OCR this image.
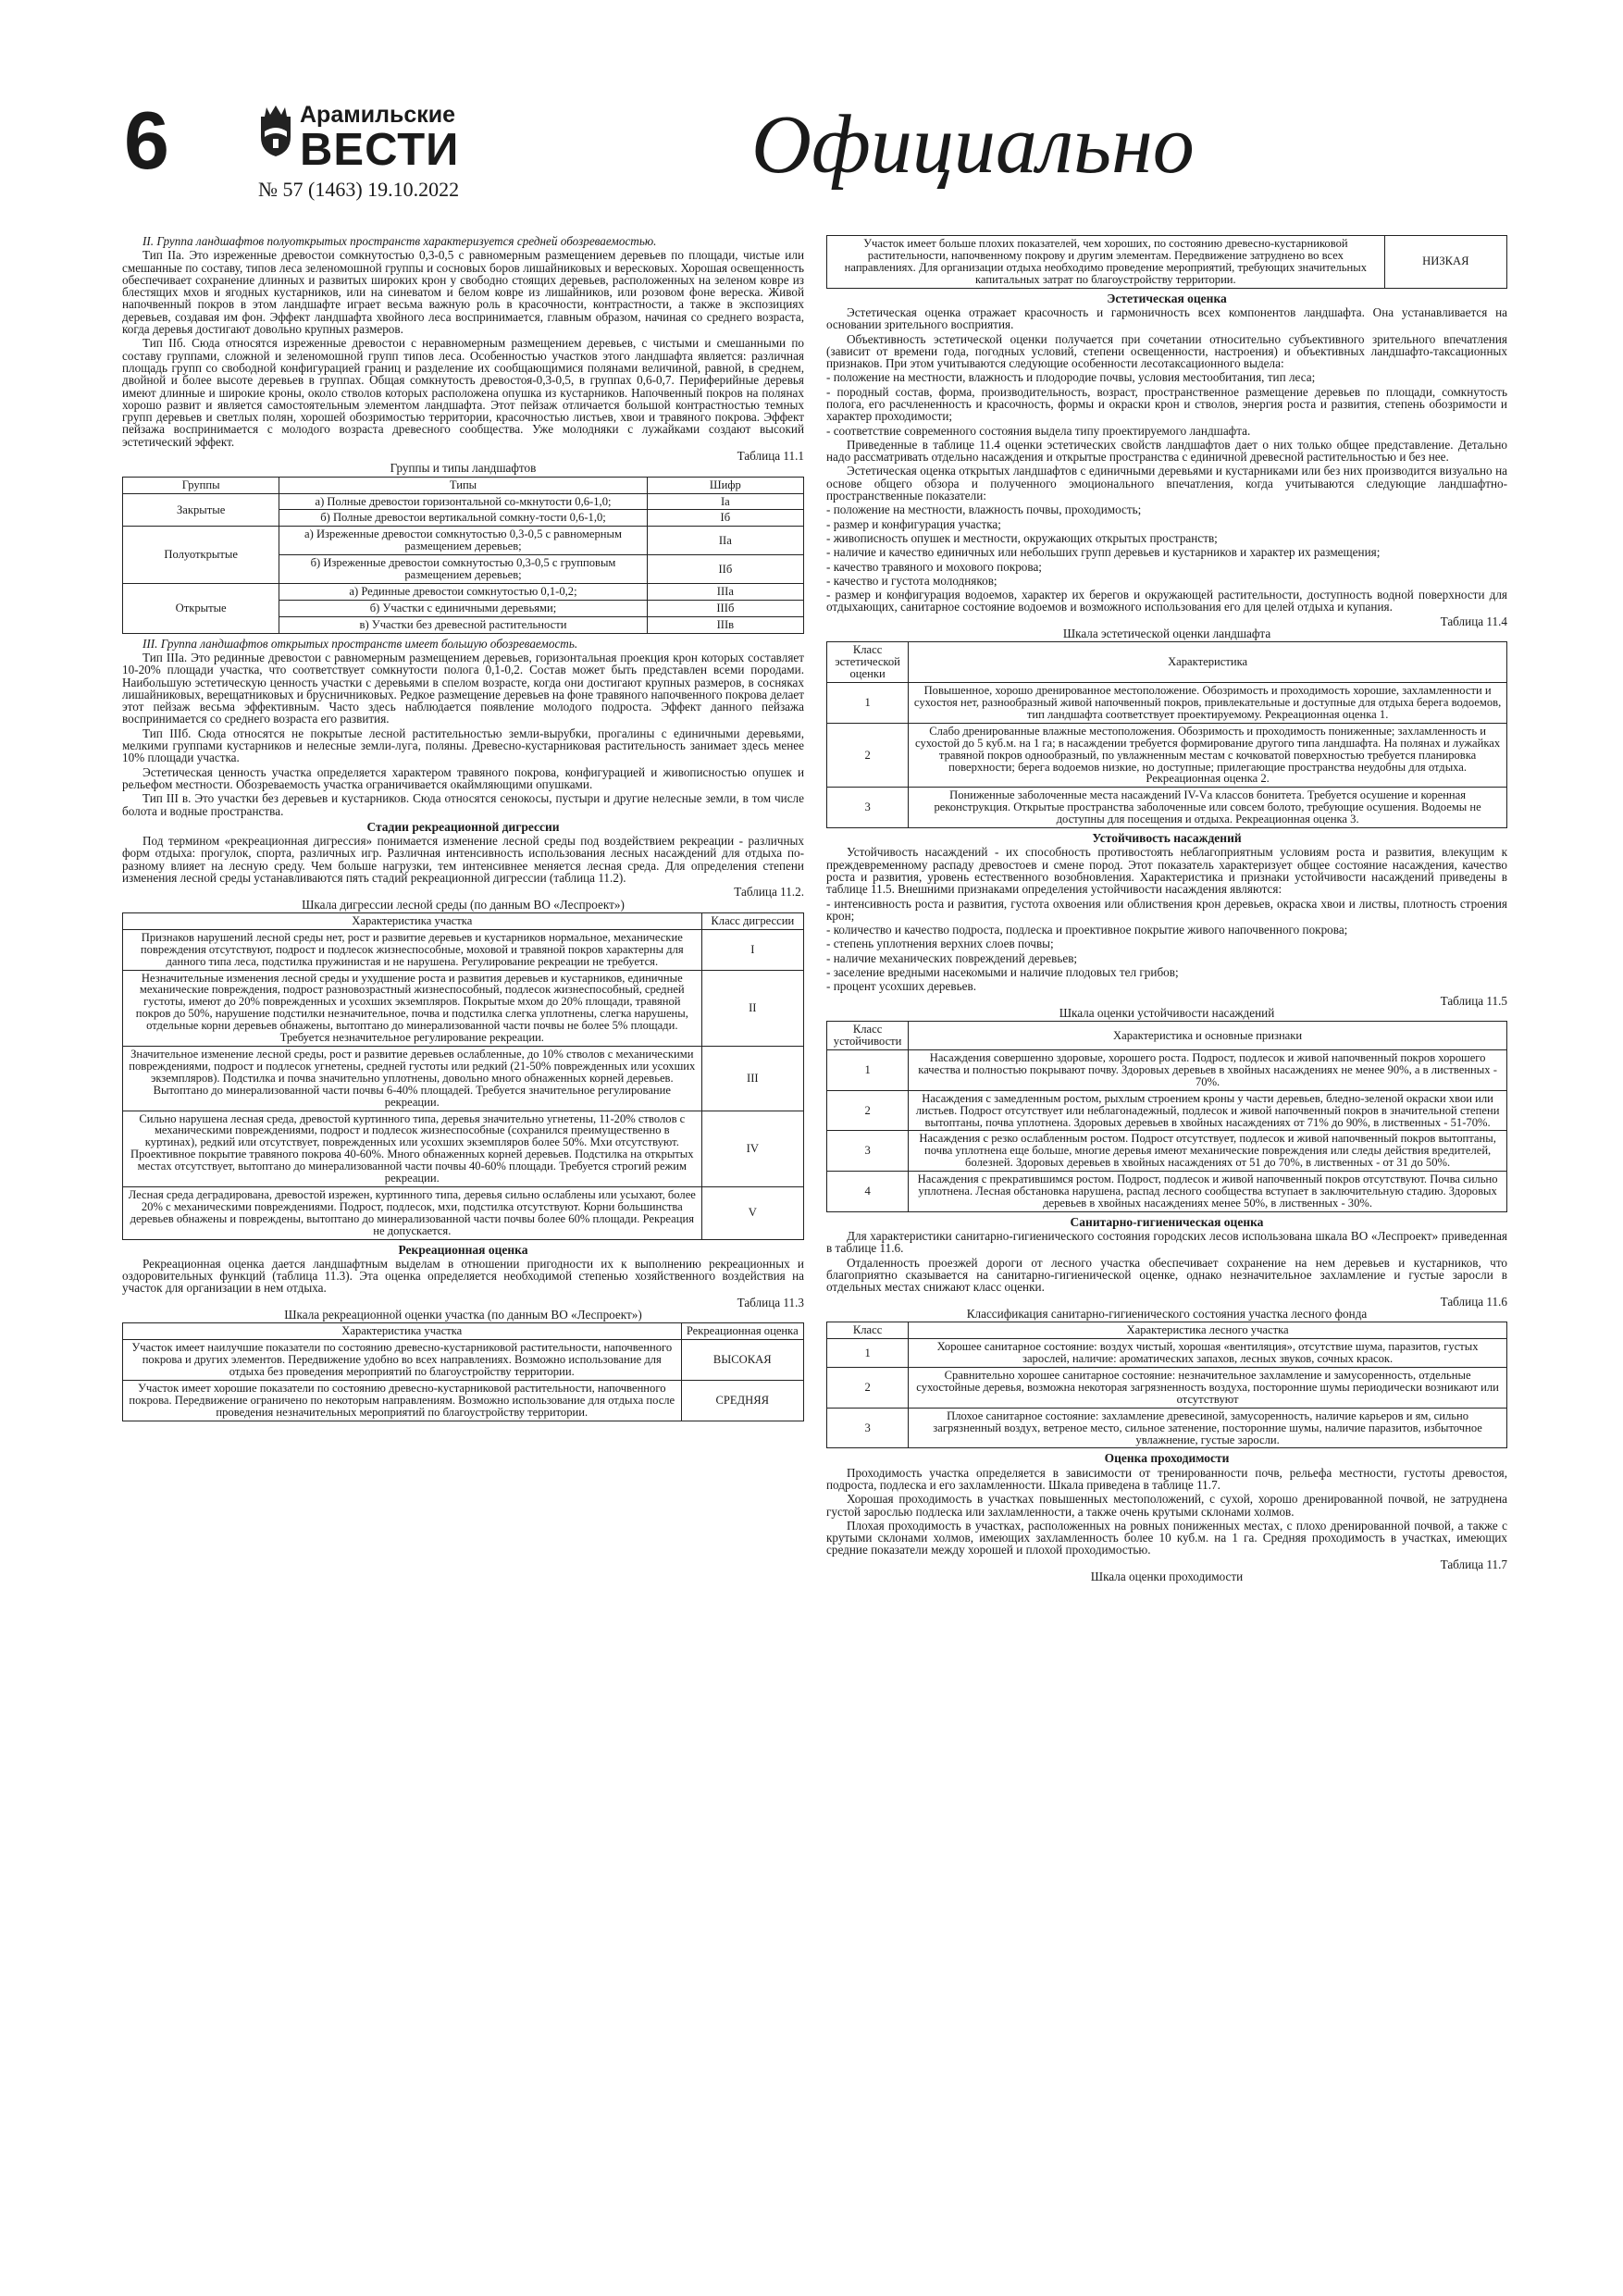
6	Арамильские
ВЕСТИ
№ 57 (1463) 19.10.2022	Официально

II. Группа ландшафтов полуоткрытых пространств характеризуется средней обозреваемостью.

Тип IIа. Это изреженные древостои сомкнутостью 0,3-0,5 с равномерным размещением деревьев по площади, чистые или смешанные по составу, типов леса зеленомошной группы и сосновых боров лишайниковых и вересковых. Хорошая освещенность обеспечивает сохранение длинных и развитых широких крон у свободно стоящих деревьев, расположенных на зеленом ковре из блестящих мхов и ягодных кустарников, или на синеватом и белом ковре из лишайников, или розовом фоне вереска. Живой напочвенный покров в этом ландшафте играет весьма важную роль в красочности, контрастности, а также в экспозициях деревьев, создавая им фон. Эффект ландшафта хвойного леса воспринимается, главным образом, начиная со среднего возраста, когда деревья достигают довольно крупных размеров.

Тип IIб. Сюда относятся изреженные древостои с неравномерным размещением деревьев, с чистыми и смешанными по составу группами, сложной и зеленомошной групп типов леса. Особенностью участков этого ландшафта является: различная площадь групп со свободной конфигурацией границ и разделение их сообщающимися полянами величиной, равной, в среднем, двойной и более высоте деревьев в группах. Общая сомкнутость древостоя-0,3-0,5, в группах 0,6-0,7. Периферийные деревья имеют длинные и широкие кроны, около стволов которых расположена опушка из кустарников. Напочвенный покров на полянах хорошо развит и является самостоятельным элементом ландшафта. Этот пейзаж отличается большой контрастностью темных групп деревьев и светлых полян, хорошей обозримостью территории, красочностью листьев, хвои и травяного покрова. Эффект пейзажа воспринимается с молодого возраста древесного сообщества. Уже молодняки с лужайками создают высокий эстетический эффект.

Таблица 11.1
Группы и типы ландшафтов
Группы	Типы	Шифр
Закрытые	а) Полные древостои горизонтальной со-мкнутости 0,6-1,0;	Iа
	б) Полные древостои вертикальной сомкну-тости 0,6-1,0;	Iб
Полуоткрытые	а) Изреженные древостои сомкнутостью 0,3-0,5 с равномерным размещением деревьев;	IIа
	б) Изреженные древостои сомкнутостью 0,3-0,5 с групповым размещением деревьев;	IIб
Открытые	а) Рединные древостои сомкнутостью 0,1-0,2;	IIIа
	б) Участки с единичными деревьями;	IIIб
	в) Участки без древесной растительности	IIIв

III. Группа ландшафтов открытых пространств имеет большую обозреваемость.

Тип IIIа. Это рединные древостои с равномерным размещением деревьев, горизонтальная проекция крон которых составляет 10-20% площади участка, что соответствует сомкнутости полога 0,1-0,2. Состав может быть представлен всеми породами. Наибольшую эстетическую ценность участки с деревьями в спелом возрасте, когда они достигают крупных размеров, в сосняках лишайниковых, верещатниковых и брусничниковых. Редкое размещение деревьев на фоне травяного напочвенного покрова делает этот пейзаж весьма эффективным. Часто здесь наблюдается появление молодого подроста. Эффект данного пейзажа воспринимается со среднего возраста его развития.

Тип IIIб. Сюда относятся не покрытые лесной растительностью земли-вырубки, прогалины с единичными деревьями, мелкими группами кустарников и нелесные земли-луга, поляны. Древесно-кустарниковая растительность занимает здесь менее 10% площади участка.

Эстетическая ценность участка определяется характером травяного покрова, конфигурацией и живописностью опушек и рельефом местности. Обозреваемость участка ограничивается окаймляющими опушками.

Тип III в. Это участки без деревьев и кустарников. Сюда относятся сенокосы, пустыри и другие нелесные земли, в том числе болота и водные пространства.

Стадии рекреационной дигрессии

Под термином «рекреационная дигрессия» понимается изменение лесной среды под воздействием рекреации - различных форм отдыха: прогулок, спорта, различных игр. Различная интенсивность использования лесных насаждений для отдыха по-разному влияет на лесную среду. Чем больше нагрузки, тем интенсивнее меняется лесная среда. Для определения степени изменения лесной среды устанавливаются пять стадий рекреационной дигрессии (таблица 11.2).

Таблица 11.2.
Шкала дигрессии лесной среды (по данным ВО «Леспроект»)
Характеристика участка	Класс дигрессии
Признаков нарушений лесной среды нет, рост и развитие деревьев и кустарников нормальное, механические повреждения отсутствуют, подрост и подлесок жизнеспособные, моховой и травяной покров характерны для данного типа леса, подстилка пружинистая и не нарушена. Регулирование рекреации не требуется.	I
Незначительные изменения лесной среды и ухудшение роста и развития деревьев и кустарников, единичные механические повреждения, подрост разновозрастный жизнеспособный, подлесок жизнеспособный, средней густоты, имеют до 20% поврежденных и усохших экземпляров. Покрытые мхом до 20% площади, травяной покров до 50%, нарушение подстилки незначительное, почва и подстилка слегка уплотнены, слегка нарушены, отдельные корни деревьев обнажены, вытоптано до минерализованной части почвы не более 5% площади. Требуется незначительное регулирование рекреации.	II
Значительное изменение лесной среды, рост и развитие деревьев ослабленные, до 10% стволов с механическими повреждениями, подрост и подлесок угнетены, средней густоты или редкий (21-50% поврежденных или усохших экземпляров). Подстилка и почва значительно уплотнены, довольно много обнаженных корней деревьев. Вытоптано до минерализованной части почвы 6-40% площадей. Требуется значительное регулирование рекреации.	III
Сильно нарушена лесная среда, древостой куртинного типа, деревья значительно угнетены, 11-20% стволов с механическими повреждениями, подрост и подлесок жизнеспособные (сохранился преимущественно в куртинах), редкий или отсутствует, поврежденных или усохших экземпляров более 50%. Мхи отсутствуют. Проективное покрытие травяного покрова 40-60%. Много обнаженных корней деревьев. Подстилка на открытых местах отсутствует, вытоптано до минерализованной части почвы 40-60% площади. Требуется строгий режим рекреации.	IV
Лесная среда деградирована, древостой изрежен, куртинного типа, деревья сильно ослаблены или усыхают, более 20% с механическими повреждениями. Подрост, подлесок, мхи, подстилка отсутствуют. Корни большинства деревьев обнажены и повреждены, вытоптано до минерализованной части почвы более 60% площади. Рекреация не допускается.	V
Рекреационная оценка

Рекреационная оценка дается ландшафтным выделам в отношении пригодности их к выполнению рекреационных и оздоровительных функций (таблица 11.3). Эта оценка определяется необходимой степенью хозяйственного воздействия на участок для организации в нем отдыха.

Таблица 11.3
Шкала рекреационной оценки участка (по данным ВО «Леспроект»)
Характеристика участка	Рекреационная оценка
Участок имеет наилучшие показатели по состоянию древесно-кустарниковой растительности, напочвенного покрова и других элементов. Передвижение удобно во всех направлениях. Возможно использование для отдыха без проведения мероприятий по благоустройству территории.	ВЫСОКАЯ
Участок имеет хорошие показатели по состоянию древесно-кустарниковой растительности, напочвенного покрова. Передвижение ограничено по некоторым направлениям. Возможно использование для отдыха после проведения незначительных мероприятий по благоустройству территории.	СРЕДНЯЯ
Участок имеет больше плохих показателей, чем хороших, по состоянию древесно-кустарниковой растительности, напочвенному покрову и другим элементам. Передвижение затруднено во всех направлениях. Для организации отдыха необходимо проведение мероприятий, требующих значительных капитальных затрат по благоустройству территории.	НИЗКАЯ
Эстетическая оценка

Эстетическая оценка отражает красочность и гармоничность всех компонентов ландшафта. Она устанавливается на основании зрительного восприятия.

Объективность эстетической оценки получается при сочетании относительно субъективного зрительного впечатления (зависит от времени года, погодных условий, степени освещенности, настроения) и объективных ландшафто-таксационных признаков. При этом учитываются следующие особенности лесотаксационного выдела:

- положение на местности, влажность и плодородие почвы, условия местообитания, тип леса;

- породный состав, форма, производительность, возраст, пространственное размещение деревьев по площади, сомкнутость полога, его расчлененность и красочность, формы и окраски крон и стволов, энергия роста и развития, степень обозримости и характер проходимости;

- соответствие современного состояния выдела типу проектируемого ландшафта.

Приведенные в таблице 11.4 оценки эстетических свойств ландшафтов дает о них только общее представление. Детально надо рассматривать отдельно насаждения и открытые пространства с единичной древесной растительностью и без нее.

Эстетическая оценка открытых ландшафтов с единичными деревьями и кустарниками или без них производится визуально на основе общего обзора и полученного эмоционального впечатления, когда учитываются следующие ландшафтно-пространственные показатели:

- положение на местности, влажность почвы, проходимость;

- размер и конфигурация участка;

- живописность опушек и местности, окружающих открытых пространств;

- наличие и качество единичных или небольших групп деревьев и кустарников и характер их размещения;

- качество травяного и мохового покрова;

- качество и густота молодняков;

- размер и конфигурация водоемов, характер их берегов и окружающей растительности, доступность водной поверхности для отдыхающих, санитарное состояние водоемов и возможного использования его для целей отдыха и купания.

Таблица 11.4
Шкала эстетической оценки ландшафта
Класс эстетической оценки	Характеристика
1	Повышенное, хорошо дренированное местоположение. Обозримость и проходимость хорошие, захламленности и сухостоя нет, разнообразный живой напочвенный покров, привлекательные и доступные для отдыха берега водоемов, тип ландшафта соответствует проектируемому. Рекреационная оценка 1.
2	Слабо дренированные влажные местоположения. Обозримость и проходимость пониженные; захламленность и сухостой до 5 куб.м. на 1 га; в насаждении требуется формирование другого типа ландшафта. На полянах и лужайках травяной покров однообразный, по увлажненным местам с кочковатой поверхностью требуется планировка поверхности; берега водоемов низкие, но доступные; прилегающие пространства неудобны для отдыха. Рекреационная оценка 2.
3	Пониженные заболоченные места насаждений IV-Vа классов бонитета. Требуется осушение и коренная реконструкция. Открытые пространства заболоченные или совсем болото, требующие осушения. Водоемы не доступны для посещения и отдыха. Рекреационная оценка 3.
Устойчивость насаждений

Устойчивость насаждений - их способность противостоять неблагоприятным условиям роста и развития, влекущим к преждевременному распаду древостоев и смене пород. Этот показатель характеризует общее состояние насаждения, качество роста и развития, уровень естественного возобновления. Характеристика и признаки устойчивости насаждений приведены в таблице 11.5. Внешними признаками определения устойчивости насаждения являются:

- интенсивность роста и развития, густота охвоения или облиствения крон деревьев, окраска хвои и листвы, плотность строения крон;

- количество и качество подроста, подлеска и проективное покрытие живого напочвенного покрова;

- степень уплотнения верхних слоев почвы;

- наличие механических повреждений деревьев;

- заселение вредными насекомыми и наличие плодовых тел грибов;

- процент усохших деревьев.

Таблица 11.5
Шкала оценки устойчивости насаждений
Класс устойчивости	Характеристика и основные признаки
1	Насаждения совершенно здоровые, хорошего роста. Подрост, подлесок и живой напочвенный покров хорошего качества и полностью покрывают почву. Здоровых деревьев в хвойных насаждениях не менее 90%, а в лиственных - 70%.
2	Насаждения с замедленным ростом, рыхлым строением кроны у части деревьев, бледно-зеленой окраски хвои или листьев. Подрост отсутствует или неблагонадежный, подлесок и живой напочвенный покров в значительной степени вытоптаны, почва уплотнена. Здоровых деревьев в хвойных насаждениях от 71% до 90%, в лиственных - 51-70%.
3	Насаждения с резко ослабленным ростом. Подрост отсутствует, подлесок и живой напочвенный покров вытоптаны, почва уплотнена еще больше, многие деревья имеют механические повреждения или следы действия вредителей, болезней. Здоровых деревьев в хвойных насаждениях от 51 до 70%, в лиственных - от 31 до 50%.
4	Насаждения с прекратившимся ростом. Подрост, подлесок и живой напочвенный покров отсутствуют. Почва сильно уплотнена. Лесная обстановка нарушена, распад лесного сообщества вступает в заключительную стадию. Здоровых деревьев в хвойных насаждениях менее 50%, в лиственных - 30%.
Санитарно-гигиеническая оценка

Для характеристики санитарно-гигиенического состояния городских лесов использована шкала ВО «Леспроект» приведенная в таблице 11.6.

Отдаленность проезжей дороги от лесного участка обеспечивает сохранение на нем деревьев и кустарников, что благоприятно сказывается на санитарно-гигиенической оценке, однако незначительное захламление и густые заросли в отдельных местах снижают класс оценки.

Таблица 11.6
Классификация санитарно-гигиенического состояния участка лесного фонда
Класс	Характеристика лесного участка
1	Хорошее санитарное состояние: воздух чистый, хорошая «вентиляция», отсутствие шума, паразитов, густых зарослей, наличие: ароматических запахов, лесных звуков, сочных красок.
2	Сравнительно хорошее санитарное состояние: незначительное захламление и замусоренность, отдельные сухостойные деревья, возможна некоторая загрязненность воздуха, посторонние шумы периодически возникают или отсутствуют
3	Плохое санитарное состояние: захламление древесиной, замусоренность, наличие карьеров и ям, сильно загрязненный воздух, ветреное место, сильное затенение, посторонние шумы, наличие паразитов, избыточное увлажнение, густые заросли.
Оценка проходимости

Проходимость участка определяется в зависимости от тренированности почв, рельефа местности, густоты древостоя, подроста, подлеска и его захламленности. Шкала приведена в таблице 11.7.

Хорошая проходимость в участках повышенных местоположений, с сухой, хорошо дренированной почвой, не затруднена густой зарослью подлеска или захламленности, а также очень крутыми склонами холмов.

Плохая проходимость в участках, расположенных на ровных пониженных местах, с плохо дренированной почвой, а также с крутыми склонами холмов, имеющих захламленность более 10 куб.м. на 1 га. Средняя проходимость в участках, имеющих средние показатели между хорошей и плохой проходимостью.

Таблица 11.7
Шкала оценки проходимости
